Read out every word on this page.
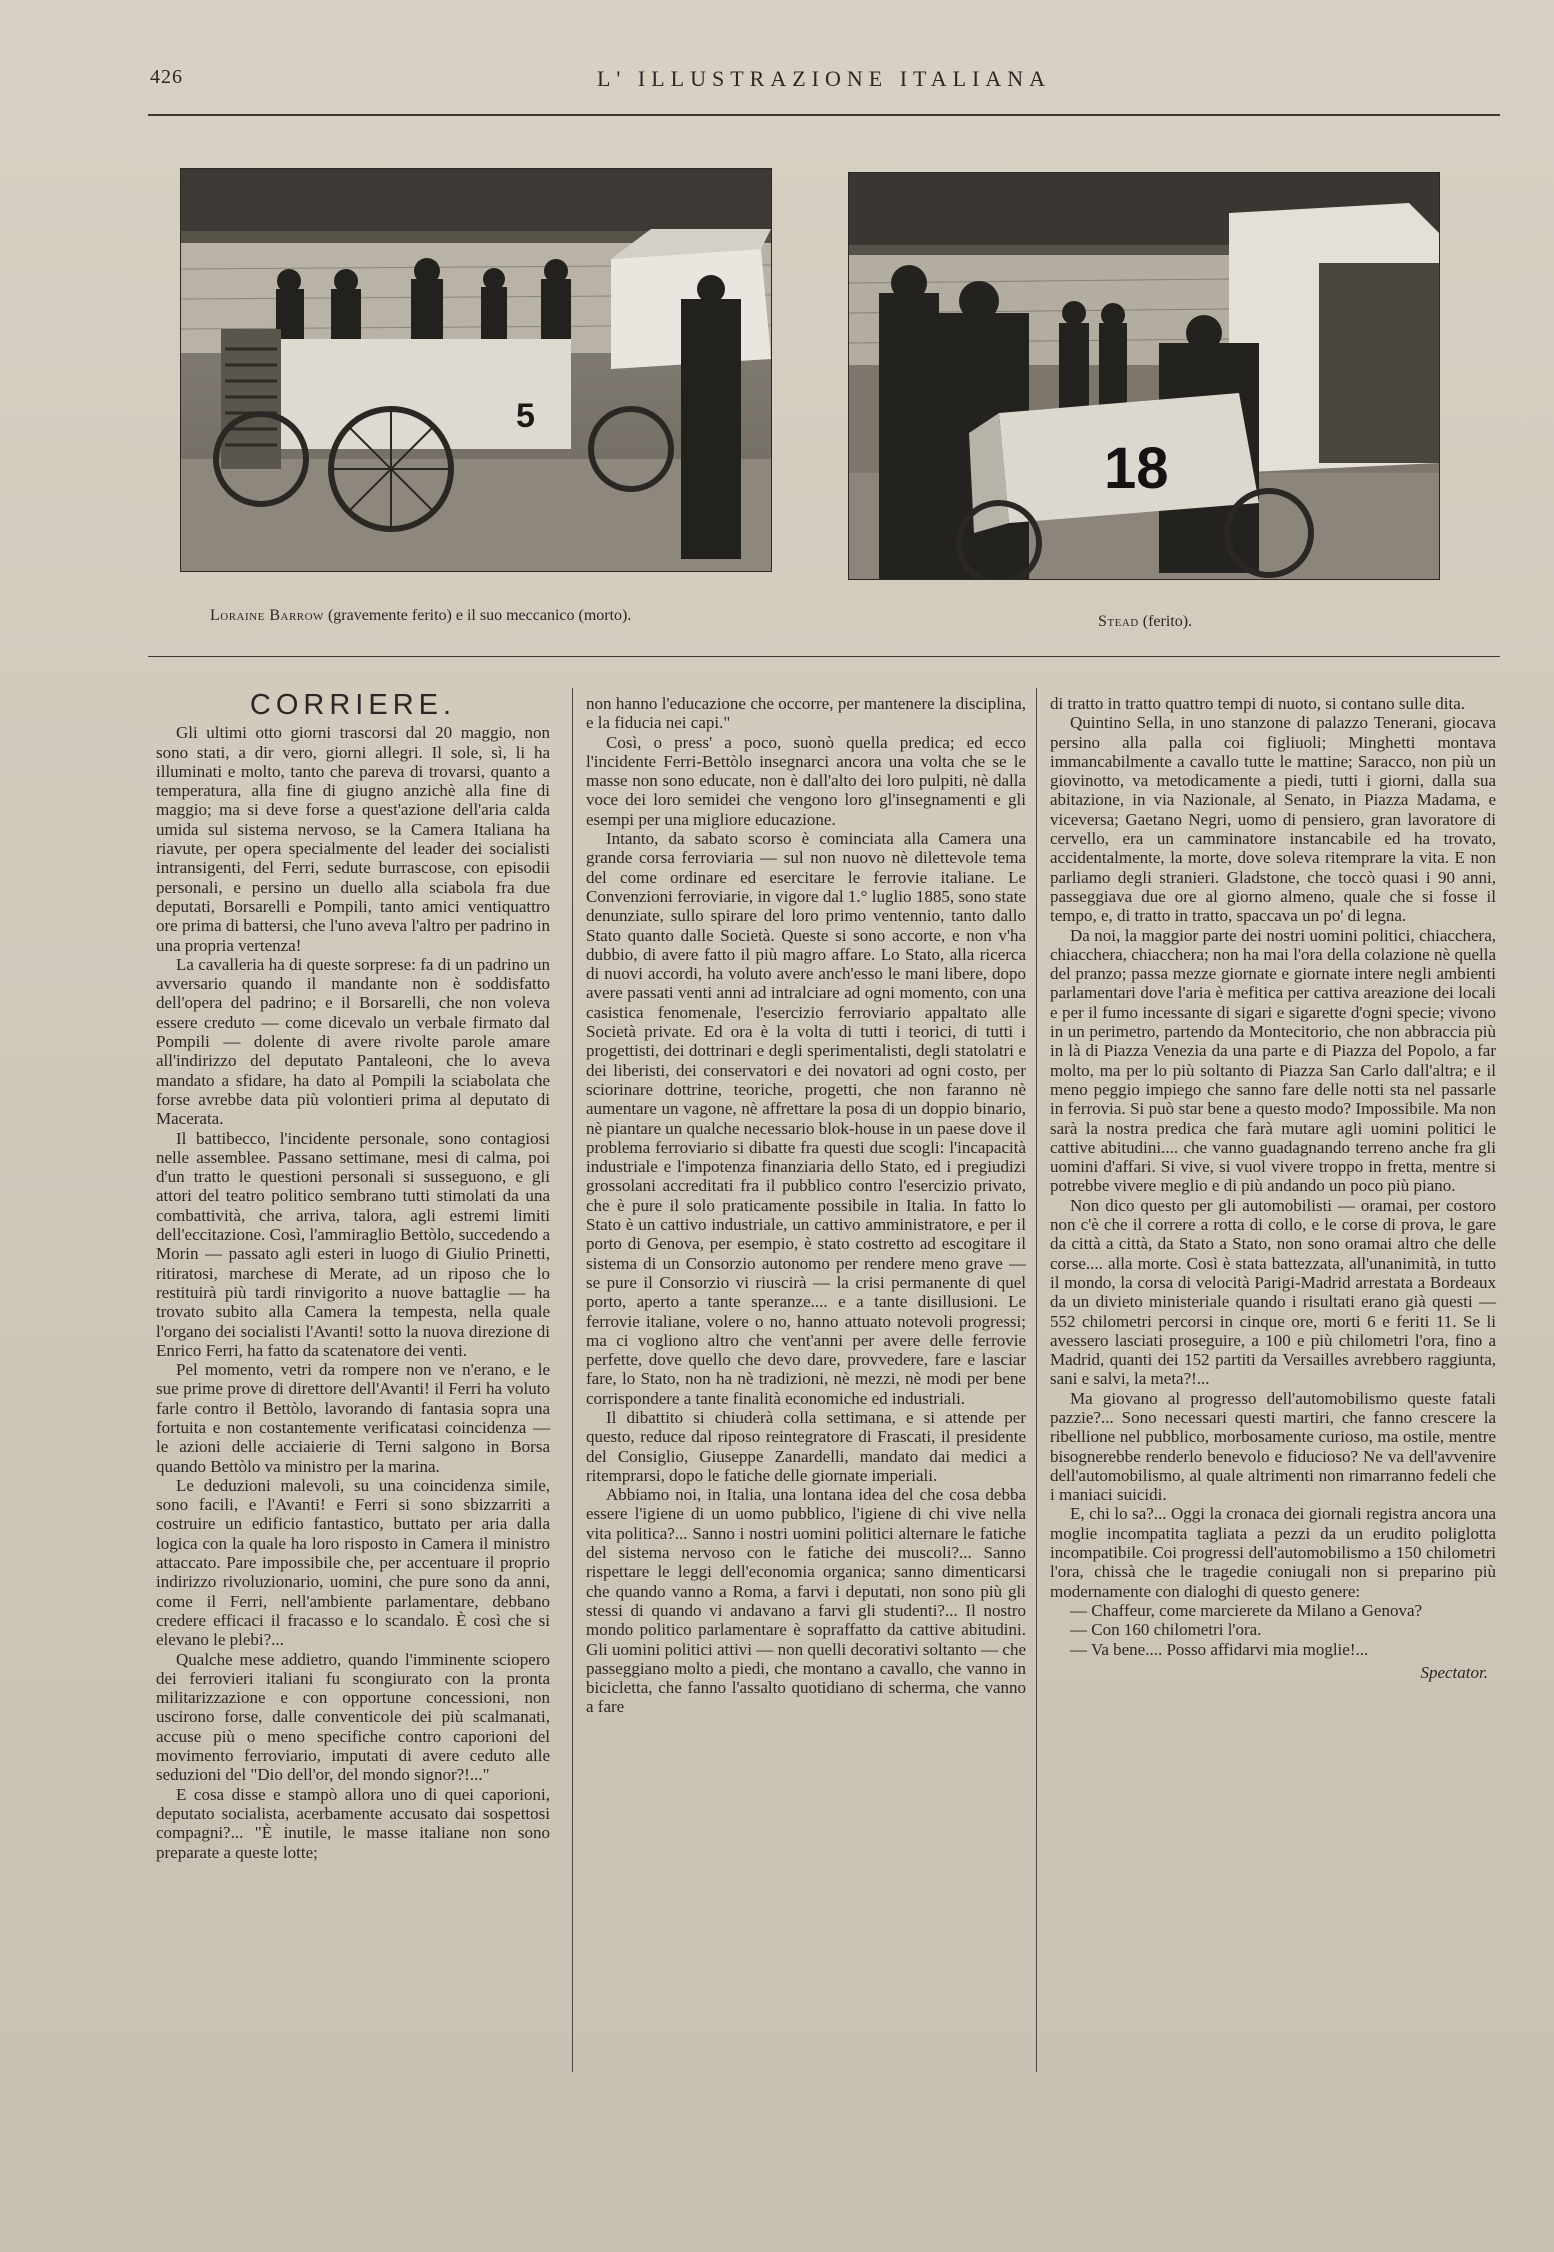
426	L' ILLUSTRAZIONE ITALIANA
5
18
Loraine Barrow (gravemente ferito) e il suo meccanico (morto).	Stead (ferito).
CORRIERE.

Gli ultimi otto giorni trascorsi dal 20 maggio, non sono stati, a dir vero, giorni allegri. Il sole, sì, li ha illuminati e molto, tanto che pareva di trovarsi, quanto a temperatura, alla fine di giugno anzichè alla fine di maggio; ma si deve forse a quest'azione dell'aria calda umida sul sistema nervoso, se la Camera Italiana ha riavute, per opera specialmente del leader dei socialisti intransigenti, del Ferri, sedute burrascose, con episodii personali, e persino un duello alla sciabola fra due deputati, Borsarelli e Pompili, tanto amici ventiquattro ore prima di battersi, che l'uno aveva l'altro per padrino in una propria vertenza!

La cavalleria ha di queste sorprese: fa di un padrino un avversario quando il mandante non è soddisfatto dell'opera del padrino; e il Borsarelli, che non voleva essere creduto — come dicevalo un verbale firmato dal Pompili — dolente di avere rivolte parole amare all'indirizzo del deputato Pantaleoni, che lo aveva mandato a sfidare, ha dato al Pompili la sciabolata che forse avrebbe data più volontieri prima al deputato di Macerata.

Il battibecco, l'incidente personale, sono contagiosi nelle assemblee. Passano settimane, mesi di calma, poi d'un tratto le questioni personali si susseguono, e gli attori del teatro politico sembrano tutti stimolati da una combattività, che arriva, talora, agli estremi limiti dell'eccitazione. Così, l'ammiraglio Bettòlo, succedendo a Morin — passato agli esteri in luogo di Giulio Prinetti, ritiratosi, marchese di Merate, ad un riposo che lo restituirà più tardi rinvigorito a nuove battaglie — ha trovato subito alla Camera la tempesta, nella quale l'organo dei socialisti l'Avanti! sotto la nuova direzione di Enrico Ferri, ha fatto da scatenatore dei venti.

Pel momento, vetri da rompere non ve n'erano, e le sue prime prove di direttore dell'Avanti! il Ferri ha voluto farle contro il Bettòlo, lavorando di fantasia sopra una fortuita e non costantemente verificatasi coincidenza — le azioni delle acciaierie di Terni salgono in Borsa quando Bettòlo va ministro per la marina.

Le deduzioni malevoli, su una coincidenza simile, sono facili, e l'Avanti! e Ferri si sono sbizzarriti a costruire un edificio fantastico, buttato per aria dalla logica con la quale ha loro risposto in Camera il ministro attaccato. Pare impossibile che, per accentuare il proprio indirizzo rivoluzionario, uomini, che pure sono da anni, come il Ferri, nell'ambiente parlamentare, debbano credere efficaci il fracasso e lo scandalo. È così che si elevano le plebi?...

Qualche mese addietro, quando l'imminente sciopero dei ferrovieri italiani fu scongiurato con la pronta militarizzazione e con opportune concessioni, non uscirono forse, dalle conventicole dei più scalmanati, accuse più o meno specifiche contro caporioni del movimento ferroviario, imputati di avere ceduto alle seduzioni del "Dio dell'or, del mondo signor?!..."

E cosa disse e stampò allora uno di quei caporioni, deputato socialista, acerbamente accusato dai sospettosi compagni?... "È inutile, le masse italiane non sono preparate a queste lotte;

non hanno l'educazione che occorre, per mantenere la disciplina, e la fiducia nei capi."

Così, o press' a poco, suonò quella predica; ed ecco l'incidente Ferri-Bettòlo insegnarci ancora una volta che se le masse non sono educate, non è dall'alto dei loro pulpiti, nè dalla voce dei loro semidei che vengono loro gl'insegnamenti e gli esempi per una migliore educazione.

Intanto, da sabato scorso è cominciata alla Camera una grande corsa ferroviaria — sul non nuovo nè dilettevole tema del come ordinare ed esercitare le ferrovie italiane. Le Convenzioni ferroviarie, in vigore dal 1.° luglio 1885, sono state denunziate, sullo spirare del loro primo ventennio, tanto dallo Stato quanto dalle Società. Queste si sono accorte, e non v'ha dubbio, di avere fatto il più magro affare. Lo Stato, alla ricerca di nuovi accordi, ha voluto avere anch'esso le mani libere, dopo avere passati venti anni ad intralciare ad ogni momento, con una casistica fenomenale, l'esercizio ferroviario appaltato alle Società private. Ed ora è la volta di tutti i teorici, di tutti i progettisti, dei dottrinari e degli sperimentalisti, degli statolatri e dei liberisti, dei conservatori e dei novatori ad ogni costo, per sciorinare dottrine, teoriche, progetti, che non faranno nè aumentare un vagone, nè affrettare la posa di un doppio binario, nè piantare un qualche necessario blok-house in un paese dove il problema ferroviario si dibatte fra questi due scogli: l'incapacità industriale e l'impotenza finanziaria dello Stato, ed i pregiudizi grossolani accreditati fra il pubblico contro l'esercizio privato, che è pure il solo praticamente possibile in Italia. In fatto lo Stato è un cattivo industriale, un cattivo amministratore, e per il porto di Genova, per esempio, è stato costretto ad escogitare il sistema di un Consorzio autonomo per rendere meno grave — se pure il Consorzio vi riuscirà — la crisi permanente di quel porto, aperto a tante speranze.... e a tante disillusioni. Le ferrovie italiane, volere o no, hanno attuato notevoli progressi; ma ci vogliono altro che vent'anni per avere delle ferrovie perfette, dove quello che devo dare, provvedere, fare e lasciar fare, lo Stato, non ha nè tradizioni, nè mezzi, nè modi per bene corrispondere a tante finalità economiche ed industriali.

Il dibattito si chiuderà colla settimana, e si attende per questo, reduce dal riposo reintegratore di Frascati, il presidente del Consiglio, Giuseppe Zanardelli, mandato dai medici a ritemprarsi, dopo le fatiche delle giornate imperiali.

Abbiamo noi, in Italia, una lontana idea del che cosa debba essere l'igiene di un uomo pubblico, l'igiene di chi vive nella vita politica?... Sanno i nostri uomini politici alternare le fatiche del sistema nervoso con le fatiche dei muscoli?... Sanno rispettare le leggi dell'economia organica; sanno dimenticarsi che quando vanno a Roma, a farvi i deputati, non sono più gli stessi di quando vi andavano a farvi gli studenti?... Il nostro mondo politico parlamentare è sopraffatto da cattive abitudini. Gli uomini politici attivi — non quelli decorativi soltanto — che passeggiano molto a piedi, che montano a cavallo, che vanno in bicicletta, che fanno l'assalto quotidiano di scherma, che vanno a fare

di tratto in tratto quattro tempi di nuoto, si contano sulle dita.

Quintino Sella, in uno stanzone di palazzo Tenerani, giocava persino alla palla coi figliuoli; Minghetti montava immancabilmente a cavallo tutte le mattine; Saracco, non più un giovinotto, va metodicamente a piedi, tutti i giorni, dalla sua abitazione, in via Nazionale, al Senato, in Piazza Madama, e viceversa; Gaetano Negri, uomo di pensiero, gran lavoratore di cervello, era un camminatore instancabile ed ha trovato, accidentalmente, la morte, dove soleva ritemprare la vita. E non parliamo degli stranieri. Gladstone, che toccò quasi i 90 anni, passeggiava due ore al giorno almeno, quale che si fosse il tempo, e, di tratto in tratto, spaccava un po' di legna.

Da noi, la maggior parte dei nostri uomini politici, chiacchera, chiacchera, chiacchera; non ha mai l'ora della colazione nè quella del pranzo; passa mezze giornate e giornate intere negli ambienti parlamentari dove l'aria è mefitica per cattiva areazione dei locali e per il fumo incessante di sigari e sigarette d'ogni specie; vivono in un perimetro, partendo da Montecitorio, che non abbraccia più in là di Piazza Venezia da una parte e di Piazza del Popolo, a far molto, ma per lo più soltanto di Piazza San Carlo dall'altra; e il meno peggio impiego che sanno fare delle notti sta nel passarle in ferrovia. Si può star bene a questo modo? Impossibile. Ma non sarà la nostra predica che farà mutare agli uomini politici le cattive abitudini.... che vanno guadagnando terreno anche fra gli uomini d'affari. Si vive, si vuol vivere troppo in fretta, mentre si potrebbe vivere meglio e di più andando un poco più piano.

Non dico questo per gli automobilisti — oramai, per costoro non c'è che il correre a rotta di collo, e le corse di prova, le gare da città a città, da Stato a Stato, non sono oramai altro che delle corse.... alla morte. Così è stata battezzata, all'unanimità, in tutto il mondo, la corsa di velocità Parigi-Madrid arrestata a Bordeaux da un divieto ministeriale quando i risultati erano già questi — 552 chilometri percorsi in cinque ore, morti 6 e feriti 11. Se li avessero lasciati proseguire, a 100 e più chilometri l'ora, fino a Madrid, quanti dei 152 partiti da Versailles avrebbero raggiunta, sani e salvi, la meta?!...

Ma giovano al progresso dell'automobilismo queste fatali pazzie?... Sono necessari questi martiri, che fanno crescere la ribellione nel pubblico, morbosamente curioso, ma ostile, mentre bisognerebbe renderlo benevolo e fiducioso? Ne va dell'avvenire dell'automobilismo, al quale altrimenti non rimarranno fedeli che i maniaci suicidi.

E, chi lo sa?... Oggi la cronaca dei giornali registra ancora una moglie incompatita tagliata a pezzi da un erudito poliglotta incompatibile. Coi progressi dell'automobilismo a 150 chilometri l'ora, chissà che le tragedie coniugali non si preparino più modernamente con dialoghi di questo genere:

— Chaffeur, come marcierete da Milano a Genova?

— Con 160 chilometri l'ora.

— Va bene.... Posso affidarvi mia moglie!...

Spectator.
